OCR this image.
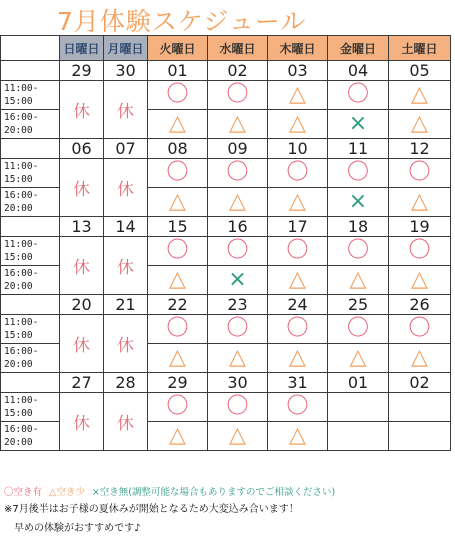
7月体験スケジュール
	日曜日	月曜日	火曜日	水曜日	木曜日	金曜日	土曜日
	29	30	01	02	03	04	05

11:00-
15:00	休	休	〇	〇	△	〇	△

16:00-
20:00			△	△	△	×	△
	06	07	08	09	10	11	12

11:00-
15:00	休	休	〇	〇	〇	〇	〇

16:00-
20:00			△	△	△	×	△
	13	14	15	16	17	18	19

11:00-
15:00	休	休	〇	〇	〇	〇	〇

16:00-
20:00			△	×	△	△	△
	20	21	22	23	24	25	26

11:00-
15:00	休	休	〇	〇	〇	〇	〇

16:00-
20:00			△	△	△	△	△
	27	28	29	30	31	01	02

11:00-
15:00	休	休	〇	〇	〇		

16:00-
20:00			△	△	△		
〇空き有 △空き少 ×空き無(調整可能な場合もありますのでご相談ください)
※7月後半はお子様の夏休みが開始となるため大変込み合います！
　早めの体験がおすすめです♪
